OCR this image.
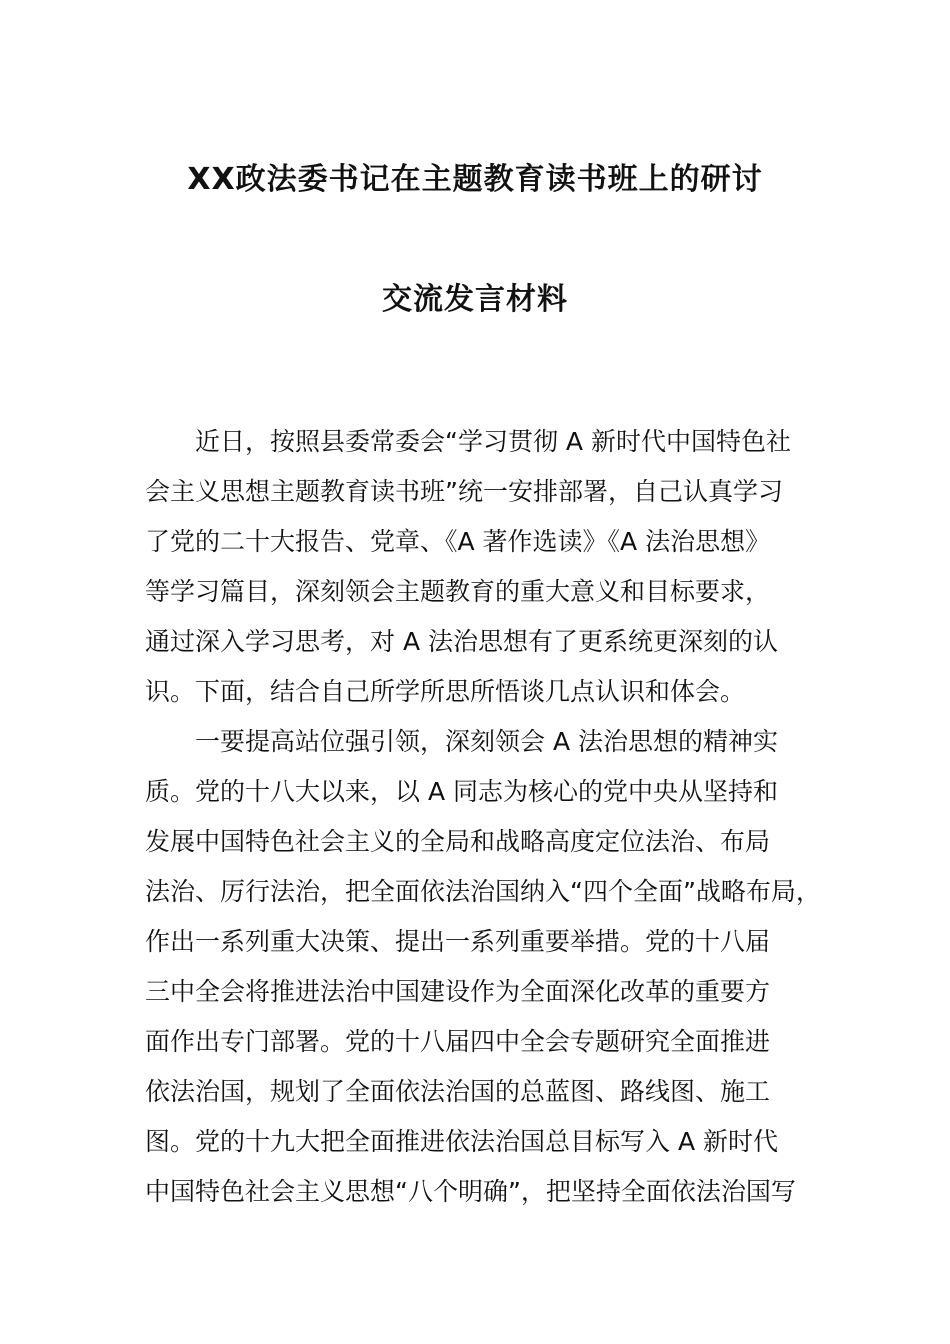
XX政法委书记在主题教育读书班上的研讨
交流发言材料
近日，按照县委常委会“学习贯彻 A 新时代中国特色社
会主义思想主题教育读书班”统一安排部署，自己认真学习
了党的二十大报告、党章、《A 著作选读》《A 法治思想》
等学习篇目，深刻领会主题教育的重大意义和目标要求，
通过深入学习思考，对 A 法治思想有了更系统更深刻的认
识。下面，结合自己所学所思所悟谈几点认识和体会。
一要提高站位强引领，深刻领会 A 法治思想的精神实
质。党的十八大以来，以 A 同志为核心的党中央从坚持和
发展中国特色社会主义的全局和战略高度定位法治、布局
法治、厉行法治，把全面依法治国纳入“四个全面”战略布局，
作出一系列重大决策、提出一系列重要举措。党的十八届
三中全会将推进法治中国建设作为全面深化改革的重要方
面作出专门部署。党的十八届四中全会专题研究全面推进
依法治国，规划了全面依法治国的总蓝图、路线图、施工
图。党的十九大把全面推进依法治国总目标写入 A 新时代
中国特色社会主义思想“八个明确”，把坚持全面依法治国写
